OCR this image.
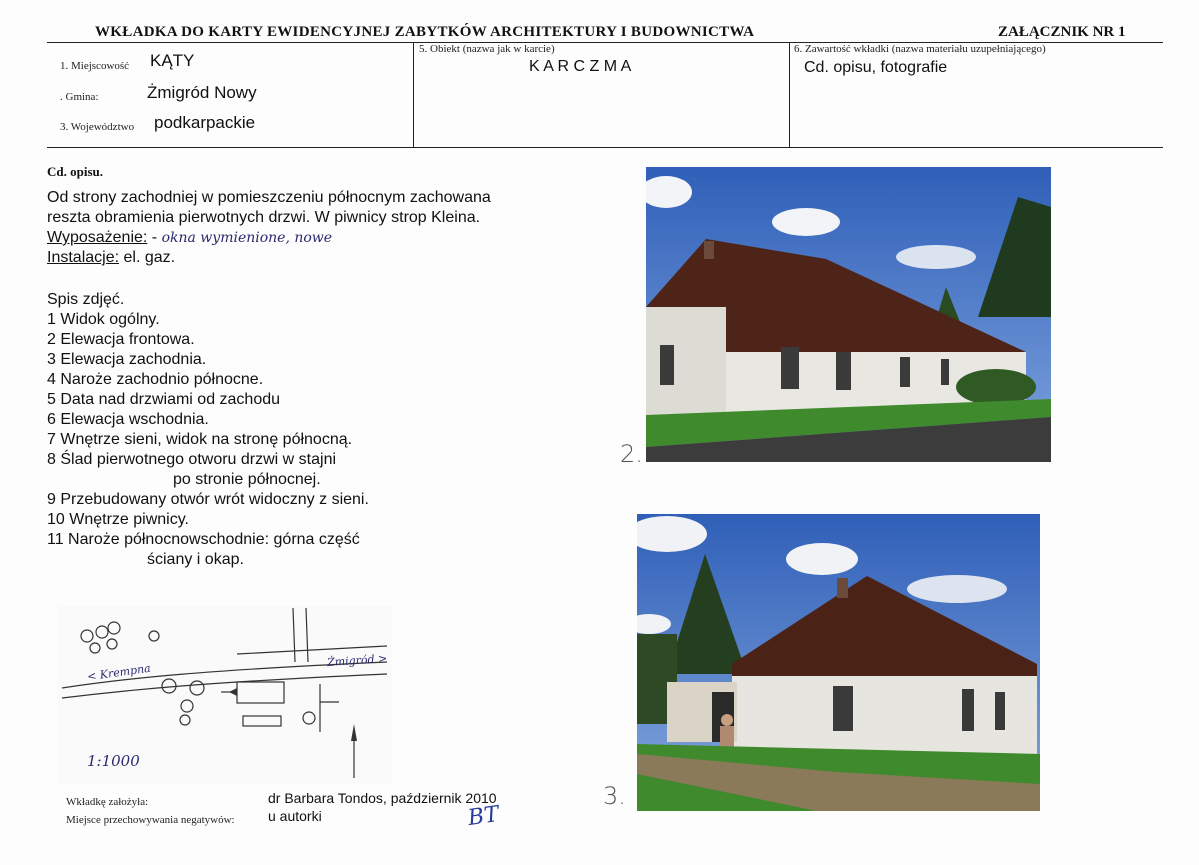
WKŁADKA DO KARTY EWIDENCYJNEJ ZABYTKÓW ARCHITEKTURY I BUDOWNICTWA	ZAŁĄCZNIK NR 1
1. Miejscowość KĄTY
. Gmina:	Żmigród Nowy
3. Województwo podkarpackie
5. Obiekt (nazwa jak w karcie)
K A R C Z M A
6. Zawartość wkładki (nazwa materiału uzupełniającego)
Cd. opisu, fotografie
Cd. opisu.
Od strony zachodniej w pomieszczeniu północnym zachowana
reszta obramienia pierwotnych drzwi. W piwnicy strop Kleina.
Wyposażenie: - okna wymienione, nowe
Instalacje: el. gaz.
Spis zdjęć.
1 Widok ogólny.
2 Elewacja frontowa.
3 Elewacja zachodnia.
4 Naroże zachodnio północne.
5 Data nad drzwiami od zachodu
6 Elewacja wschodnia.
7 Wnętrze sieni, widok na stronę północną.
8 Ślad pierwotnego otworu drzwi w stajni
po stronie północnej.
9 Przebudowany otwór wrót widoczny z sieni.
10 Wnętrze piwnicy.
11 Naroże północnowschodnie: górna część
ściany i okap.
< Krempna
Żmigród >
1:1000
2.
3.
Wkładkę założyła:	dr Barbara Tondos, październik 2010
Miejsce przechowywania negatywów: u autorki	BT
